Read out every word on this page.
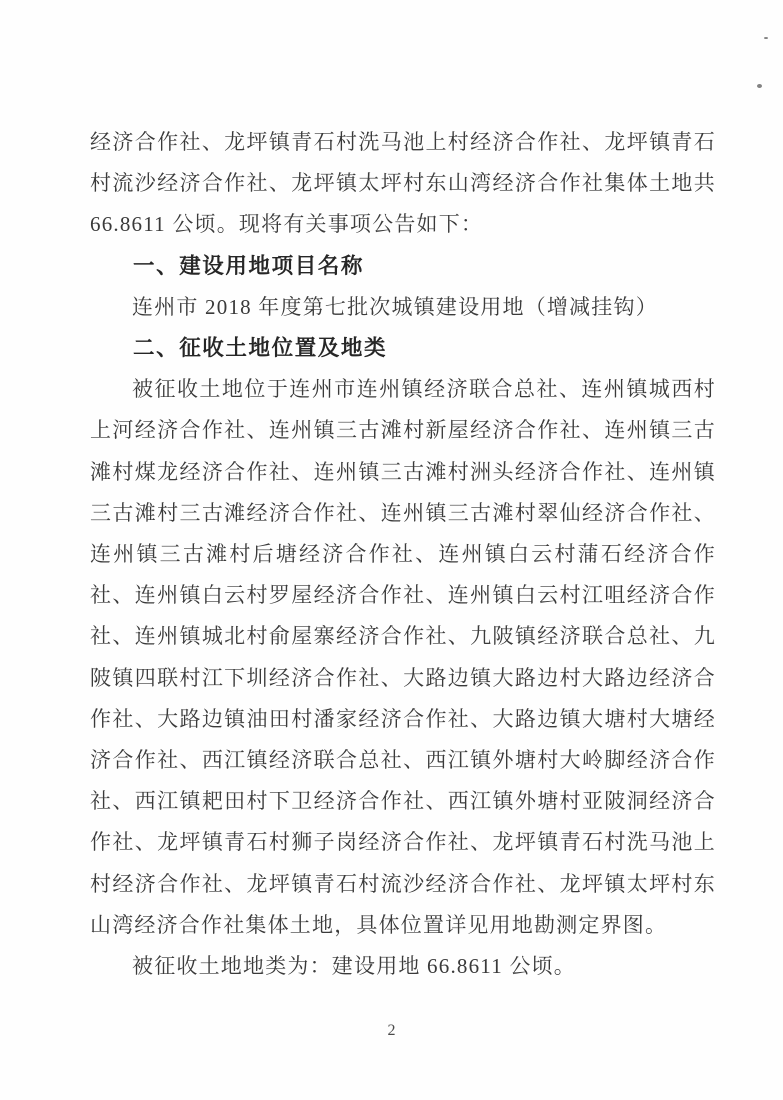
经济合作社、龙坪镇青石村洗马池上村经济合作社、龙坪镇青石村流沙经济合作社、龙坪镇太坪村东山湾经济合作社集体土地共 66.8611 公顷。现将有关事项公告如下：

一、建设用地项目名称

连州市 2018 年度第七批次城镇建设用地（增减挂钩）

二、征收土地位置及地类

被征收土地位于连州市连州镇经济联合总社、连州镇城西村上河经济合作社、连州镇三古滩村新屋经济合作社、连州镇三古滩村煤龙经济合作社、连州镇三古滩村洲头经济合作社、连州镇三古滩村三古滩经济合作社、连州镇三古滩村翠仙经济合作社、连州镇三古滩村后塘经济合作社、连州镇白云村蒲石经济合作社、连州镇白云村罗屋经济合作社、连州镇白云村江咀经济合作社、连州镇城北村俞屋寨经济合作社、九陂镇经济联合总社、九陂镇四联村江下圳经济合作社、大路边镇大路边村大路边经济合作社、大路边镇油田村潘家经济合作社、大路边镇大塘村大塘经济合作社、西江镇经济联合总社、西江镇外塘村大岭脚经济合作社、西江镇耙田村下卫经济合作社、西江镇外塘村亚陂洞经济合作社、龙坪镇青石村狮子岗经济合作社、龙坪镇青石村洗马池上村经济合作社、龙坪镇青石村流沙经济合作社、龙坪镇太坪村东山湾经济合作社集体土地，具体位置详见用地勘测定界图。

被征收土地地类为：建设用地 66.8611 公顷。

2
